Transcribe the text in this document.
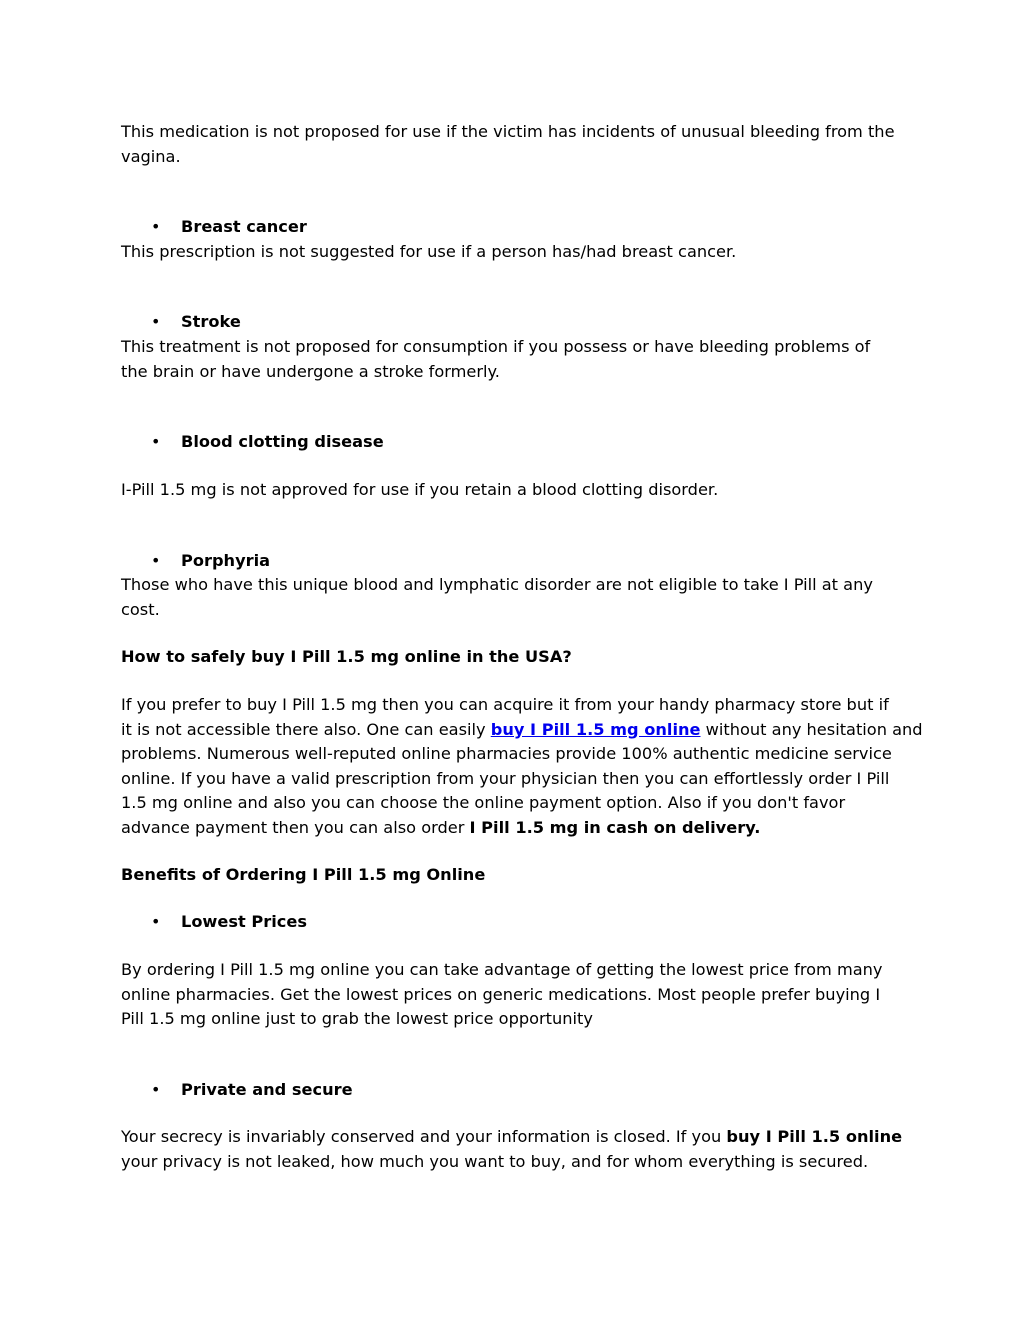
This medication is not proposed for use if the victim has incidents of unusual bleeding from the
vagina.

• Breast cancer

This prescription is not suggested for use if a person has/had breast cancer.

• Stroke

This treatment is not proposed for consumption if you possess or have bleeding problems of
the brain or have undergone a stroke formerly.

• Blood clotting disease

I-Pill 1.5 mg is not approved for use if you retain a blood clotting disorder.

• Porphyria

Those who have this unique blood and lymphatic disorder are not eligible to take I Pill at any
cost.

How to safely buy I Pill 1.5 mg online in the USA?

If you prefer to buy I Pill 1.5 mg then you can acquire it from your handy pharmacy store but if
it is not accessible there also. One can easily buy I Pill 1.5 mg online without any hesitation and
problems. Numerous well-reputed online pharmacies provide 100% authentic medicine service
online. If you have a valid prescription from your physician then you can effortlessly order I Pill
1.5 mg online and also you can choose the online payment option. Also if you don't favor
advance payment then you can also order I Pill 1.5 mg in cash on delivery.

Benefits of Ordering I Pill 1.5 mg Online

• Lowest Prices

By ordering I Pill 1.5 mg online you can take advantage of getting the lowest price from many
online pharmacies. Get the lowest prices on generic medications. Most people prefer buying I
Pill 1.5 mg online just to grab the lowest price opportunity

• Private and secure

Your secrecy is invariably conserved and your information is closed. If you buy I Pill 1.5 online
your privacy is not leaked, how much you want to buy, and for whom everything is secured.
